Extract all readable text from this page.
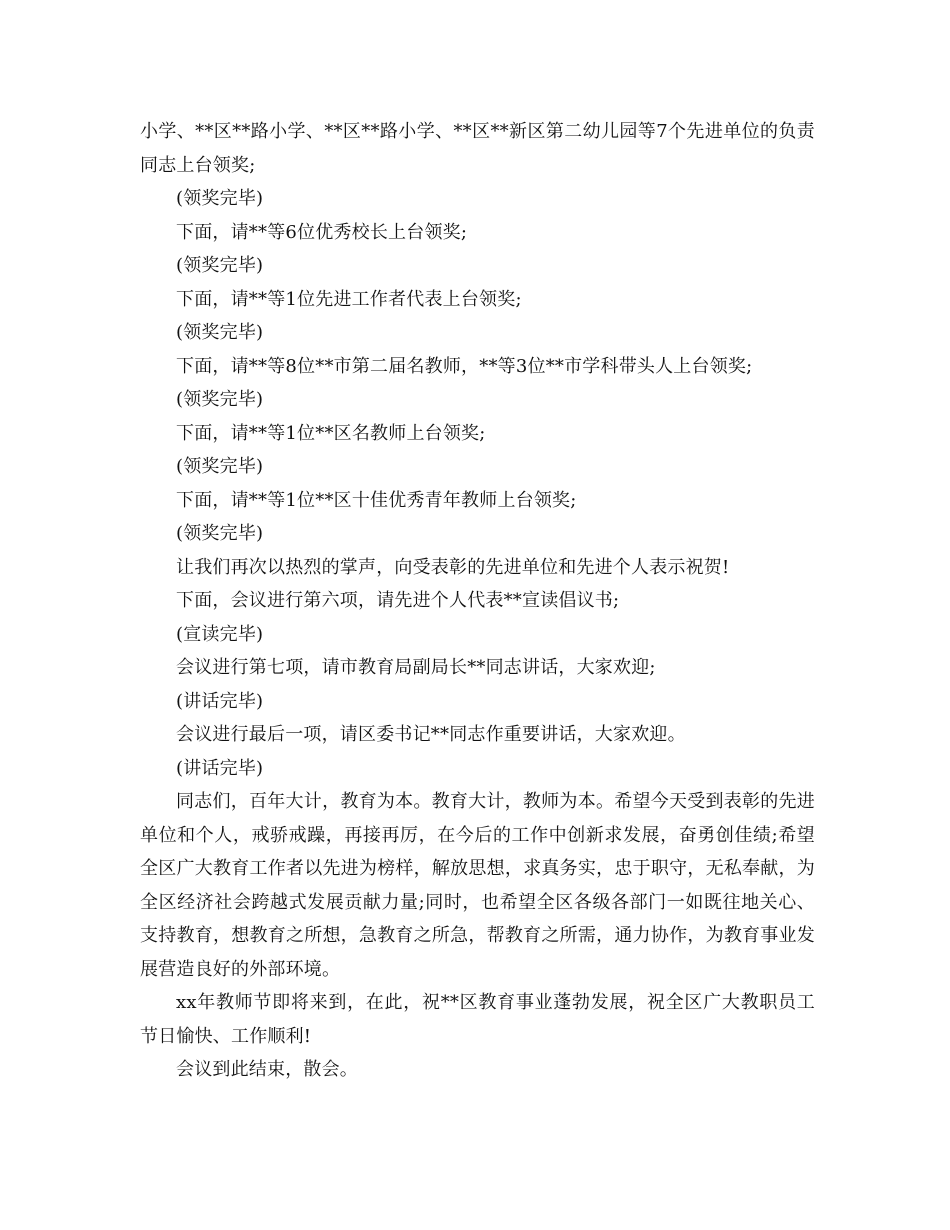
小学、**区**路小学、**区**路小学、**区**新区第二幼儿园等7个先进单位的负责同志上台领奖;

(领奖完毕)

下面，请**等6位优秀校长上台领奖;

(领奖完毕)

下面，请**等1位先进工作者代表上台领奖;

(领奖完毕)

下面，请**等8位**市第二届名教师，**等3位**市学科带头人上台领奖;

(领奖完毕)

下面，请**等1位**区名教师上台领奖;

(领奖完毕)

下面，请**等1位**区十佳优秀青年教师上台领奖;

(领奖完毕)

让我们再次以热烈的掌声，向受表彰的先进单位和先进个人表示祝贺!

下面，会议进行第六项，请先进个人代表**宣读倡议书;

(宣读完毕)

会议进行第七项，请市教育局副局长**同志讲话，大家欢迎;

(讲话完毕)

会议进行最后一项，请区委书记**同志作重要讲话，大家欢迎。

(讲话完毕)

同志们，百年大计，教育为本。教育大计，教师为本。希望今天受到表彰的先进单位和个人，戒骄戒躁，再接再厉，在今后的工作中创新求发展，奋勇创佳绩;希望全区广大教育工作者以先进为榜样，解放思想，求真务实，忠于职守，无私奉献，为全区经济社会跨越式发展贡献力量;同时，也希望全区各级各部门一如既往地关心、支持教育，想教育之所想，急教育之所急，帮教育之所需，通力协作，为教育事业发展营造良好的外部环境。

xx年教师节即将来到，在此，祝**区教育事业蓬勃发展，祝全区广大教职员工节日愉快、工作顺利!

会议到此结束，散会。
